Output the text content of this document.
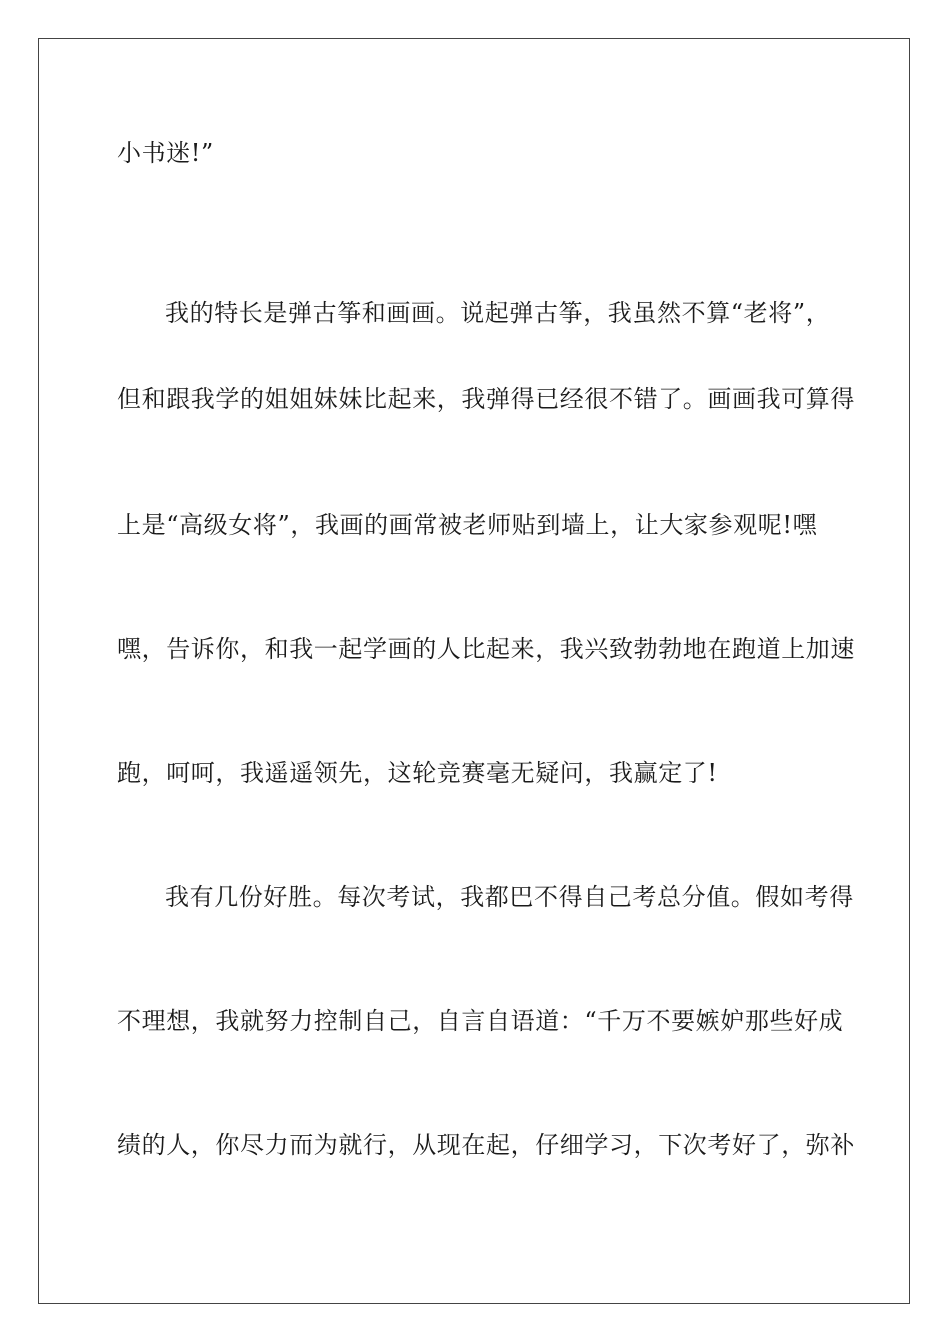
小书迷!”

我的特长是弹古筝和画画。说起弹古筝，我虽然不算“老将”，

但和跟我学的姐姐妹妹比起来，我弹得已经很不错了。画画我可算得

上是“高级女将”，我画的画常被老师贴到墙上，让大家参观呢!嘿

嘿，告诉你，和我一起学画的人比起来，我兴致勃勃地在跑道上加速

跑，呵呵，我遥遥领先，这轮竞赛毫无疑问，我赢定了!

我有几份好胜。每次考试，我都巴不得自己考总分值。假如考得

不理想，我就努力控制自己，自言自语道：“千万不要嫉妒那些好成

绩的人，你尽力而为就行，从现在起，仔细学习，下次考好了，弥补
